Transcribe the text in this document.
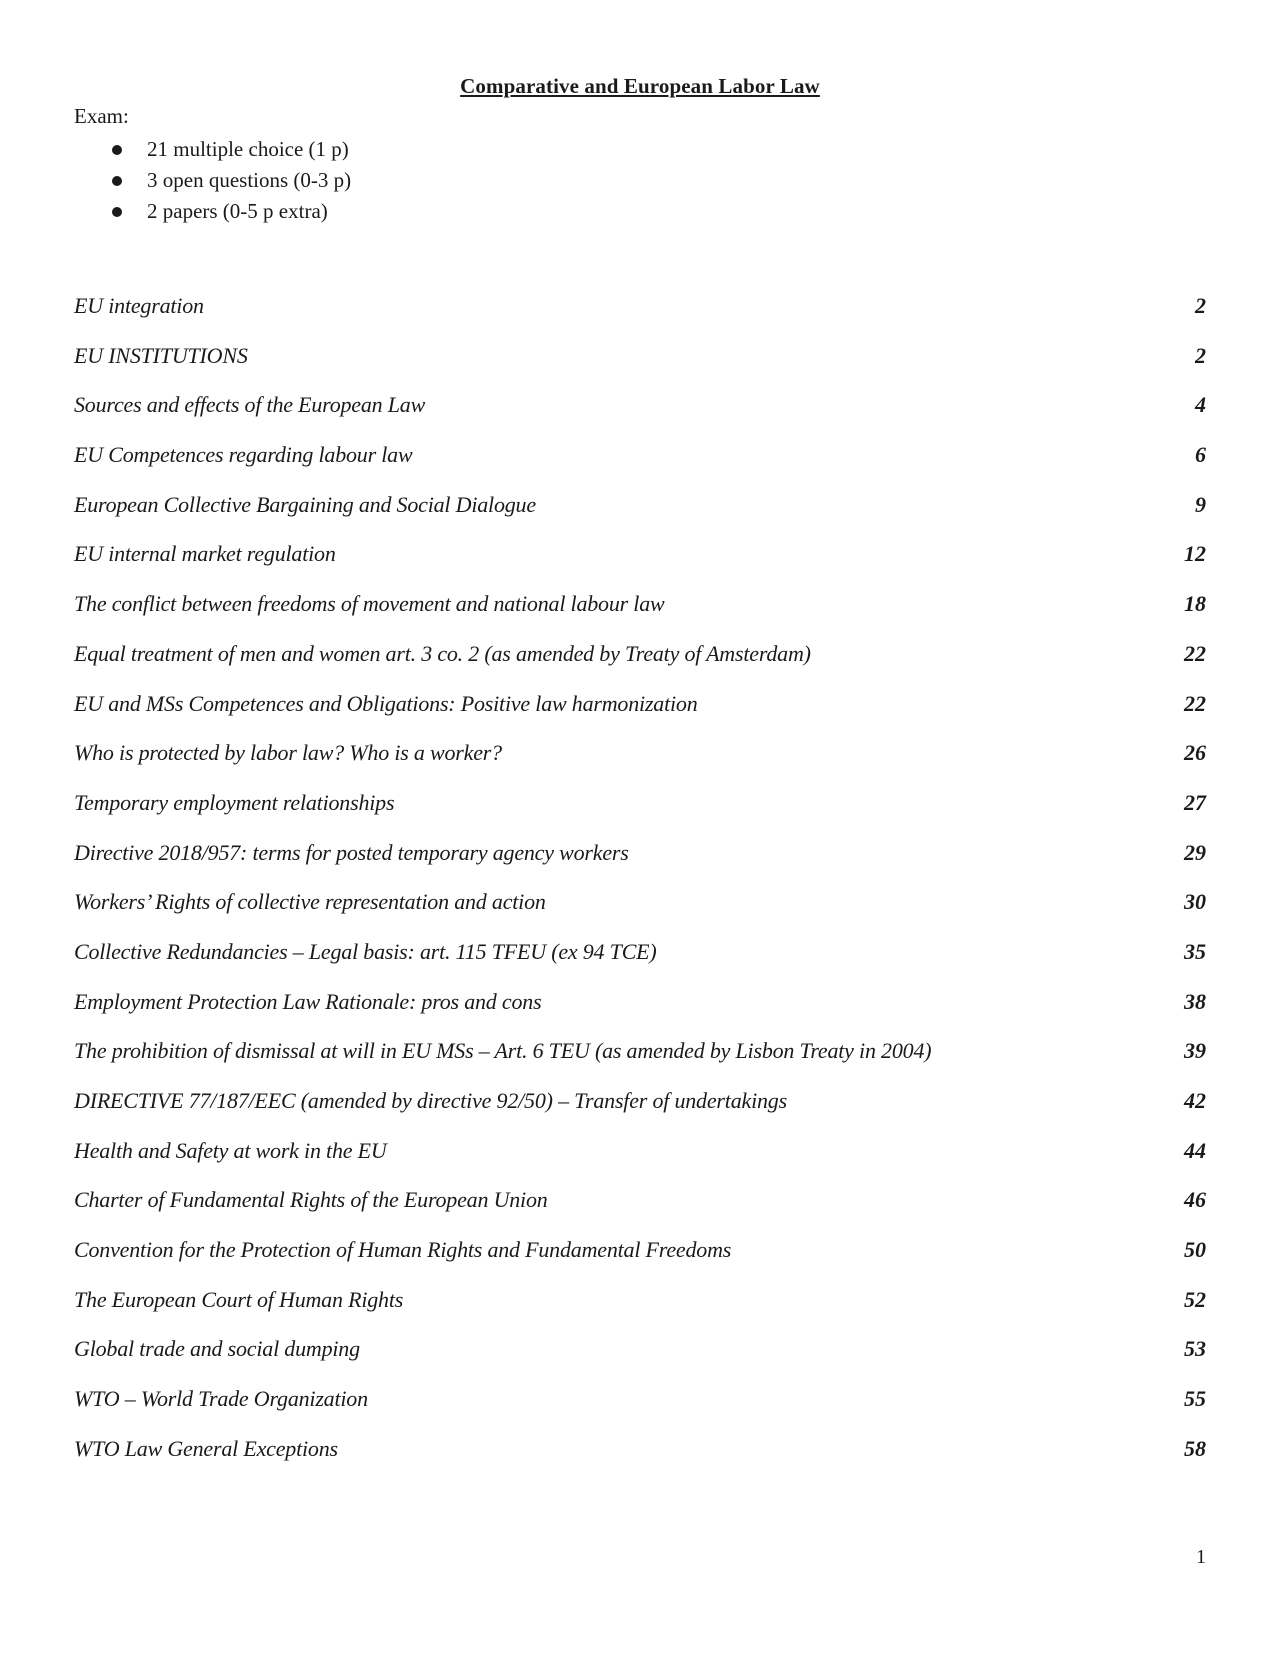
Comparative and European Labor Law
Exam:
21 multiple choice (1 p)
3 open questions (0-3 p)
2 papers (0-5 p extra)
EU integration	2
EU INSTITUTIONS	2
Sources and effects of the European Law	4
EU Competences regarding labour law	6
European Collective Bargaining and Social Dialogue	9
EU internal market regulation	12
The conflict between freedoms of movement and national labour law	18
Equal treatment of men and women art. 3 co. 2 (as amended by Treaty of Amsterdam)	22
EU and MSs Competences and Obligations: Positive law harmonization	22
Who is protected by labor law? Who is a worker?	26
Temporary employment relationships	27
Directive 2018/957: terms for posted temporary agency workers	29
Workers’ Rights of collective representation and action	30
Collective Redundancies – Legal basis: art. 115 TFEU (ex 94 TCE)	35
Employment Protection Law Rationale: pros and cons	38
The prohibition of dismissal at will in EU MSs – Art. 6 TEU (as amended by Lisbon Treaty in 2004)	39
DIRECTIVE 77/187/EEC (amended by directive 92/50) – Transfer of undertakings	42
Health and Safety at work in the EU	44
Charter of Fundamental Rights of the European Union	46
Convention for the Protection of Human Rights and Fundamental Freedoms	50
The European Court of Human Rights	52
Global trade and social dumping	53
WTO – World Trade Organization	55
WTO Law General Exceptions	58
1
